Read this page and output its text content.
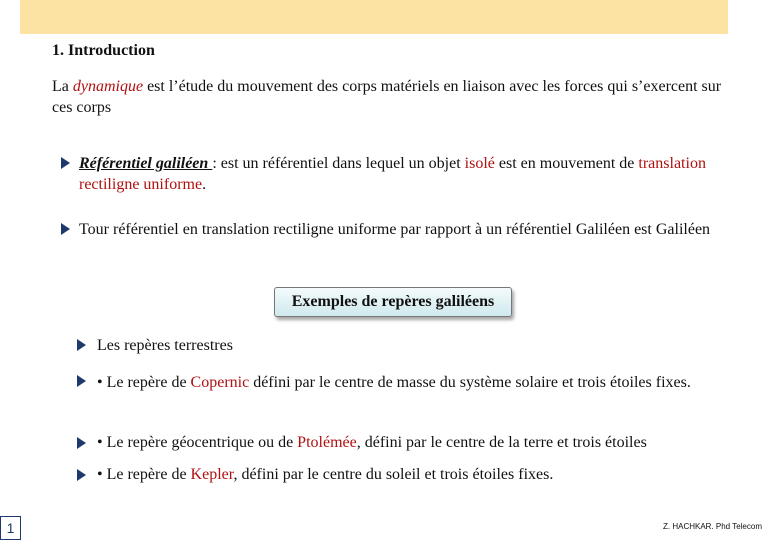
1. Introduction
La dynamique est l’étude du mouvement des corps matériels en liaison avec les forces qui s’exercent sur ces corps
Référentiel galiléen : est un référentiel dans lequel un objet isolé est en mouvement de translation rectiligne uniforme.
Tour référentiel en translation rectiligne uniforme par rapport à un référentiel Galiléen est Galiléen
Exemples de repères galiléens
Les repères terrestres
• Le repère de Copernic défini par le centre de masse du système solaire et trois étoiles fixes.
• Le repère géocentrique ou de Ptolémée, défini par le centre de la terre et trois étoiles
• Le repère de Kepler, défini par le centre du soleil et trois étoiles fixes.
1	Z. HACHKAR. Phd Telecom
